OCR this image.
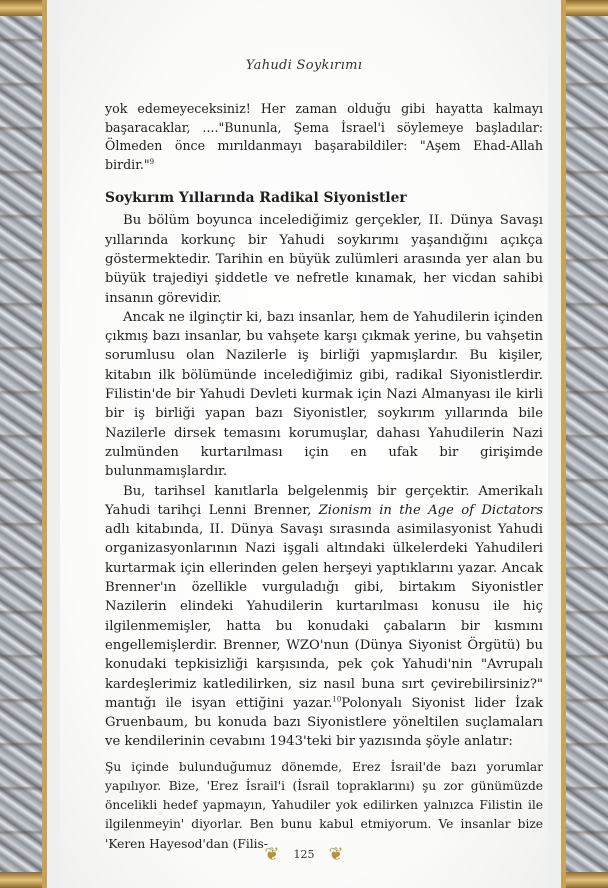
Yahudi Soykırımı

yok edemeyeceksiniz! Her zaman olduğu gibi hayatta kalmayı başaracaklar, ...."Bununla, Şema İsrael'i söylemeye başladılar: Ölmeden önce mırıldanmayı başarabildiler: "Aşem Ehad-Allah birdir."$^9$

Soykırım Yıllarında Radikal Siyonistler

Bu bölüm boyunca incelediğimiz gerçekler, II. Dünya Savaşı yıllarında korkunç bir Yahudi soykırımı yaşandığını açıkça göstermektedir. Tarihin en büyük zulümleri arasında yer alan bu büyük trajediyi şiddetle ve nefretle kınamak, her vicdan sahibi insanın görevidir.

Ancak ne ilginçtir ki, bazı insanlar, hem de Yahudilerin içinden çıkmış bazı insanlar, bu vahşete karşı çıkmak yerine, bu vahşetin sorumlusu olan Nazilerle iş birliği yapmışlardır. Bu kişiler, kitabın ilk bölümünde incelediğimiz gibi, radikal Siyonistlerdir. Filistin'de bir Yahudi Devleti kurmak için Nazi Almanyası ile kirli bir iş birliği yapan bazı Siyonistler, soykırım yıllarında bile Nazilerle dirsek temasını korumuşlar, dahası Yahudilerin Nazi zulmünden kurtarılması için en ufak bir girişimde bulunmamışlardır.

Bu, tarihsel kanıtlarla belgelenmiş bir gerçektir. Amerikalı Yahudi tarihçi Lenni Brenner, Zionism in the Age of Dictators adlı kitabında, II. Dünya Savaşı sırasında asimilasyonist Yahudi organizasyonlarının Nazi işgali altındaki ülkelerdeki Yahudileri kurtarmak için ellerinden gelen herşeyi yaptıklarını yazar. Ancak Brenner'ın özellikle vurguladığı gibi, birtakım Siyonistler Nazilerin elindeki Yahudilerin kurtarılması konusu ile hiç ilgilenmemişler, hatta bu konudaki çabaların bir kısmını engellemişlerdir. Brenner, WZO'nun (Dünya Siyonist Örgütü) bu konudaki tepkisizliği karşısında, pek çok Yahudi'nin "Avrupalı kardeşlerimiz katledilirken, siz nasıl buna sırt çevirebilirsiniz?" mantığı ile isyan ettiğini yazar.$^{10}$Polonyalı Siyonist lider İzak Gruenbaum, bu konuda bazı Siyonistlere yöneltilen suçlamaları ve kendilerinin cevabını 1943'teki bir yazısında şöyle anlatır:

Şu içinde bulunduğumuz dönemde, Erez İsrail'de bazı yorumlar yapılıyor. Bize, 'Erez İsrail'i (İsrail topraklarını) şu zor günümüzde öncelikli hedef yapmayın, Yahudiler yok edilirken yalnızca Filistin ile ilgilenmeyin' diyorlar. Ben bunu kabul etmiyorum. Ve insanlar bize 'Keren Hayesod'dan (Filis-

❦	125 ❦
